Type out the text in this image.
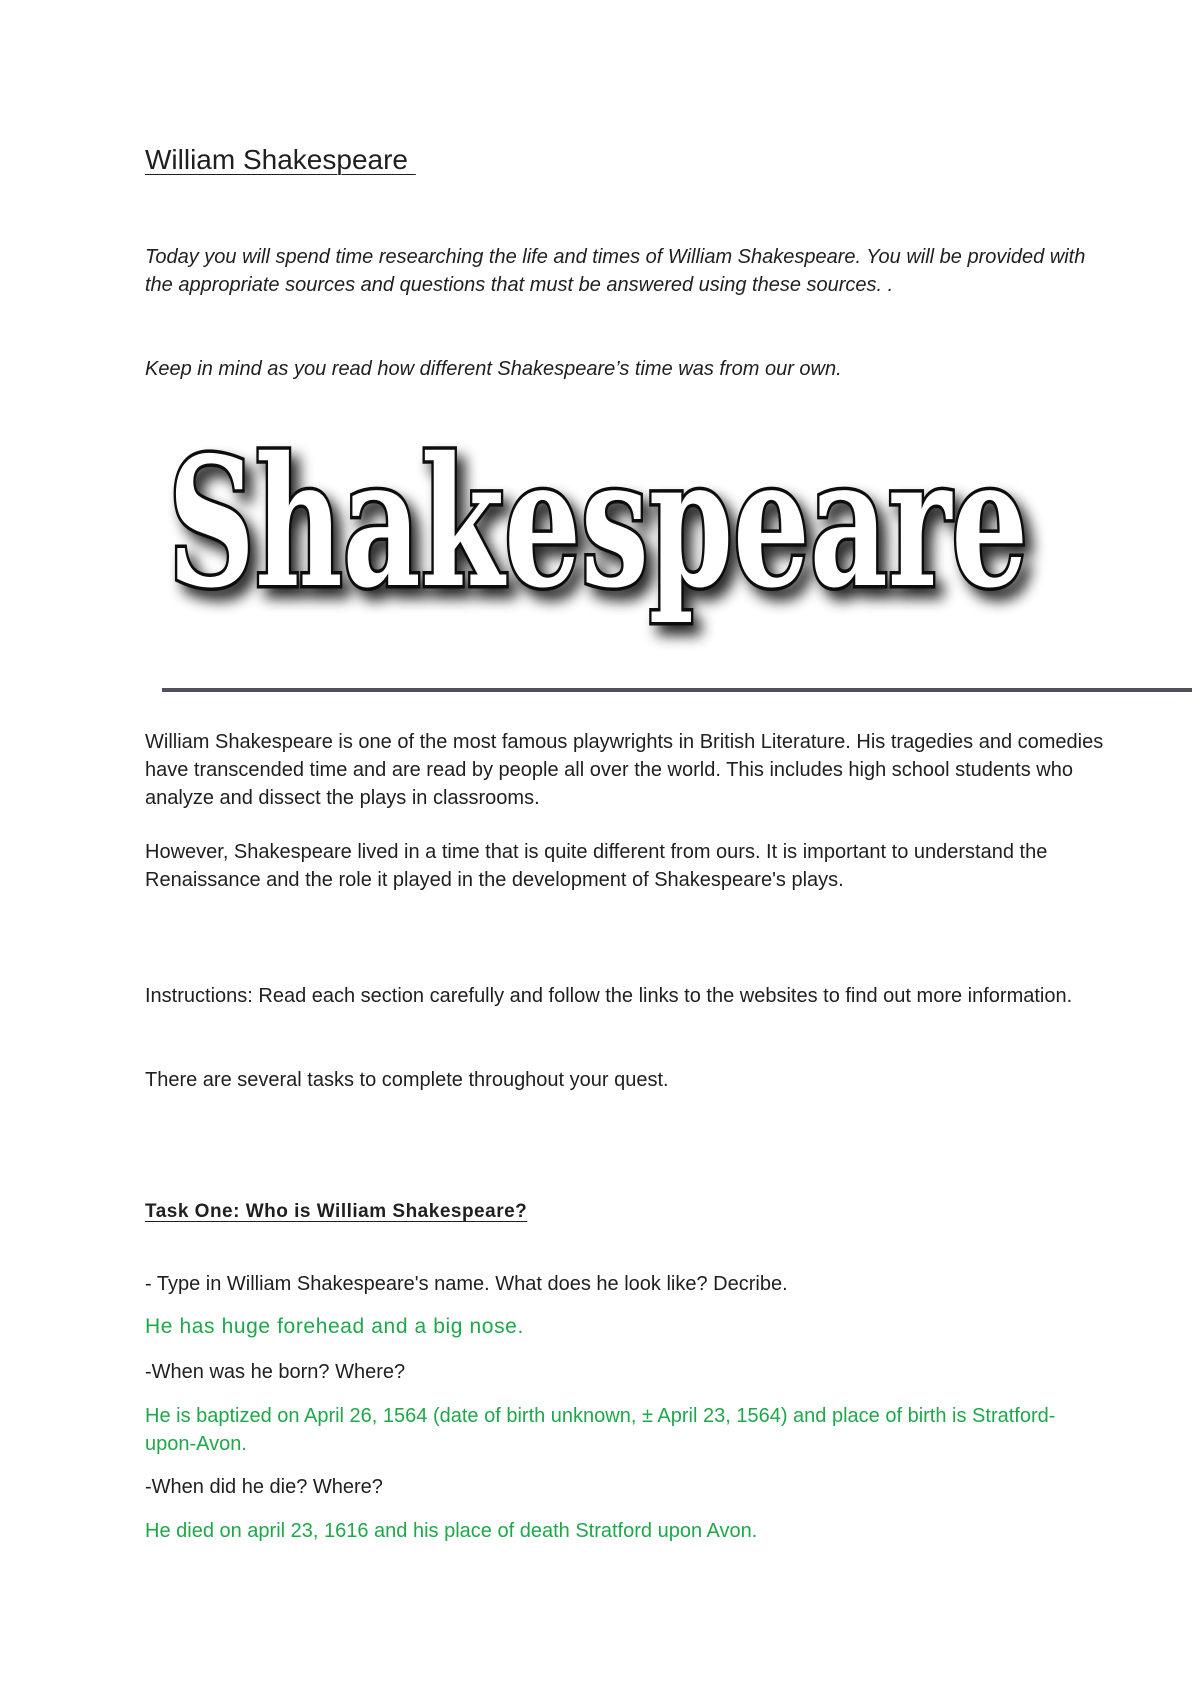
William Shakespeare

Today you will spend time researching the life and times of William Shakespeare. You will be provided with the appropriate sources and questions that must be answered using these sources. .

Keep in mind as you read how different Shakespeare’s time was from our own.

Shakespeare

William Shakespeare is one of the most famous playwrights in British Literature. His tragedies and comedies have transcended time and are read by people all over the world. This includes high school students who analyze and dissect the plays in classrooms.

However, Shakespeare lived in a time that is quite different from ours. It is important to understand the Renaissance and the role it played in the development of Shakespeare's plays.

Instructions: Read each section carefully and follow the links to the websites to find out more information.

There are several tasks to complete throughout your quest.

Task One: Who is William Shakespeare?

- Type in William Shakespeare's name. What does he look like? Decribe.

He has huge forehead and a big nose.

-When was he born? Where?

He is baptized on April 26, 1564 (date of birth unknown, ± April 23, 1564) and place of birth is Stratford-upon-Avon.

-When did he die? Where?

He died on april 23, 1616 and his place of death Stratford upon Avon.
